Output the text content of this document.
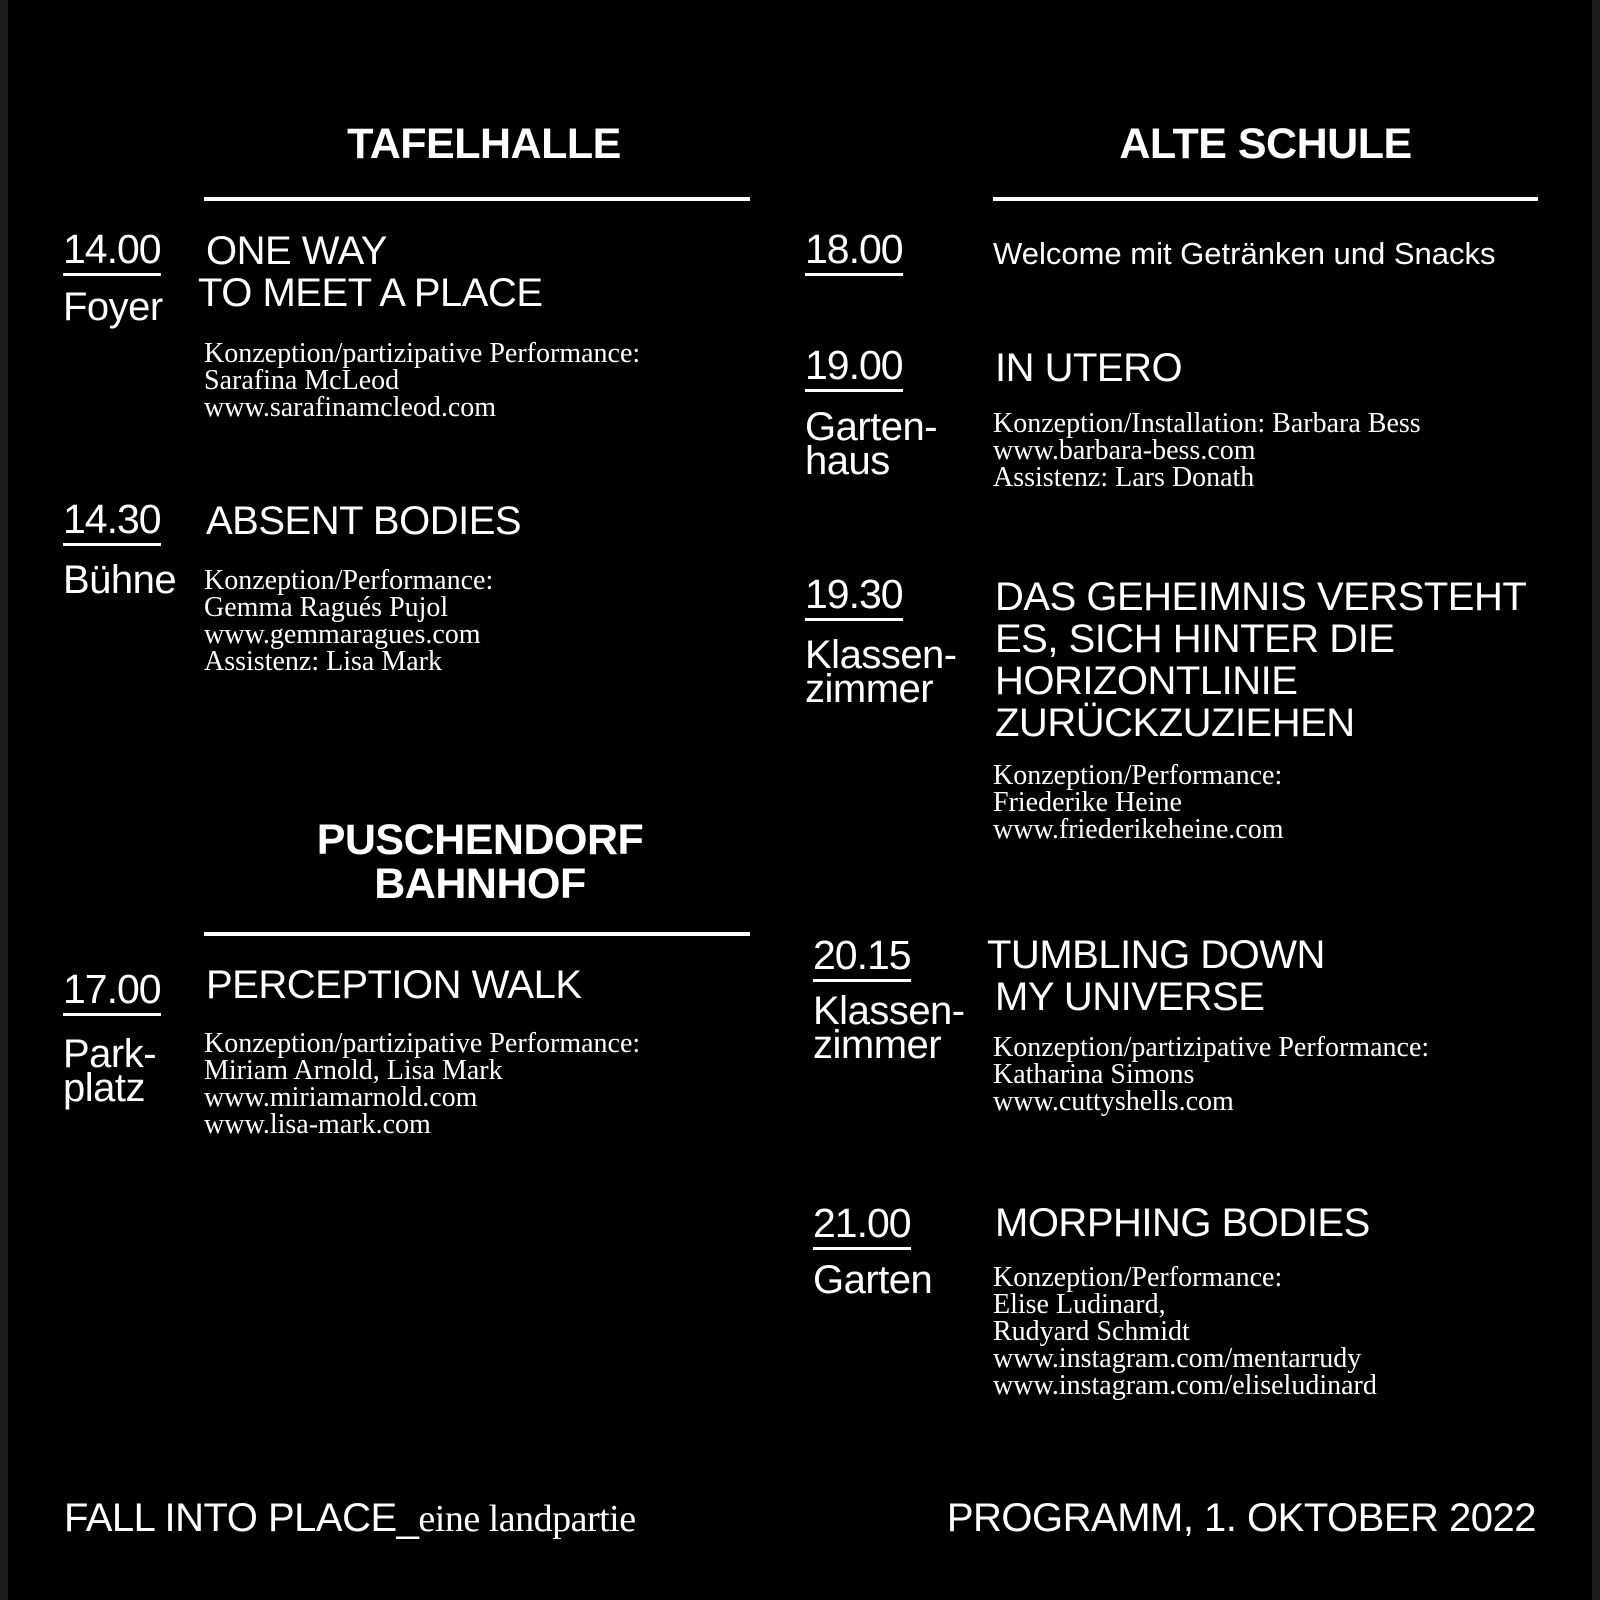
TAFELHALLE
14.00
Foyer
ONE WAY
TO MEET A PLACE
Konzeption/partizipative Performance:
Sarafina McLeod
www.sarafinamcleod.com
14.30
Bühne
ABSENT BODIES
Konzeption/Performance:
Gemma Ragués Pujol
www.gemmaragues.com
Assistenz: Lisa Mark
PUSCHENDORF
BAHNHOF
17.00
Park-
platz
PERCEPTION WALK
Konzeption/partizipative Performance:
Miriam Arnold, Lisa Mark
www.miriamarnold.com
www.lisa-mark.com
ALTE SCHULE
18.00	Welcome mit Getränken und Snacks
19.00
Garten-
haus
IN UTERO
Konzeption/Installation: Barbara Bess
www.barbara-bess.com
Assistenz: Lars Donath
19.30
Klassen-
zimmer
DAS GEHEIMNIS VERSTEHT
ES, SICH HINTER DIE
HORIZONTLINIE
ZURÜCKZUZIEHEN
Konzeption/Performance:
Friederike Heine
www.friederikeheine.com
20.15
Klassen-
zimmer
TUMBLING DOWN
MY UNIVERSE
Konzeption/partizipative Performance:
Katharina Simons
www.cuttyshells.com
21.00
Garten
MORPHING BODIES
Konzeption/Performance:
Elise Ludinard,
Rudyard Schmidt
www.instagram.com/mentarrudy
www.instagram.com/eliseludinard
FALL INTO PLACE_eine landpartie	PROGRAMM, 1. OKTOBER 2022
